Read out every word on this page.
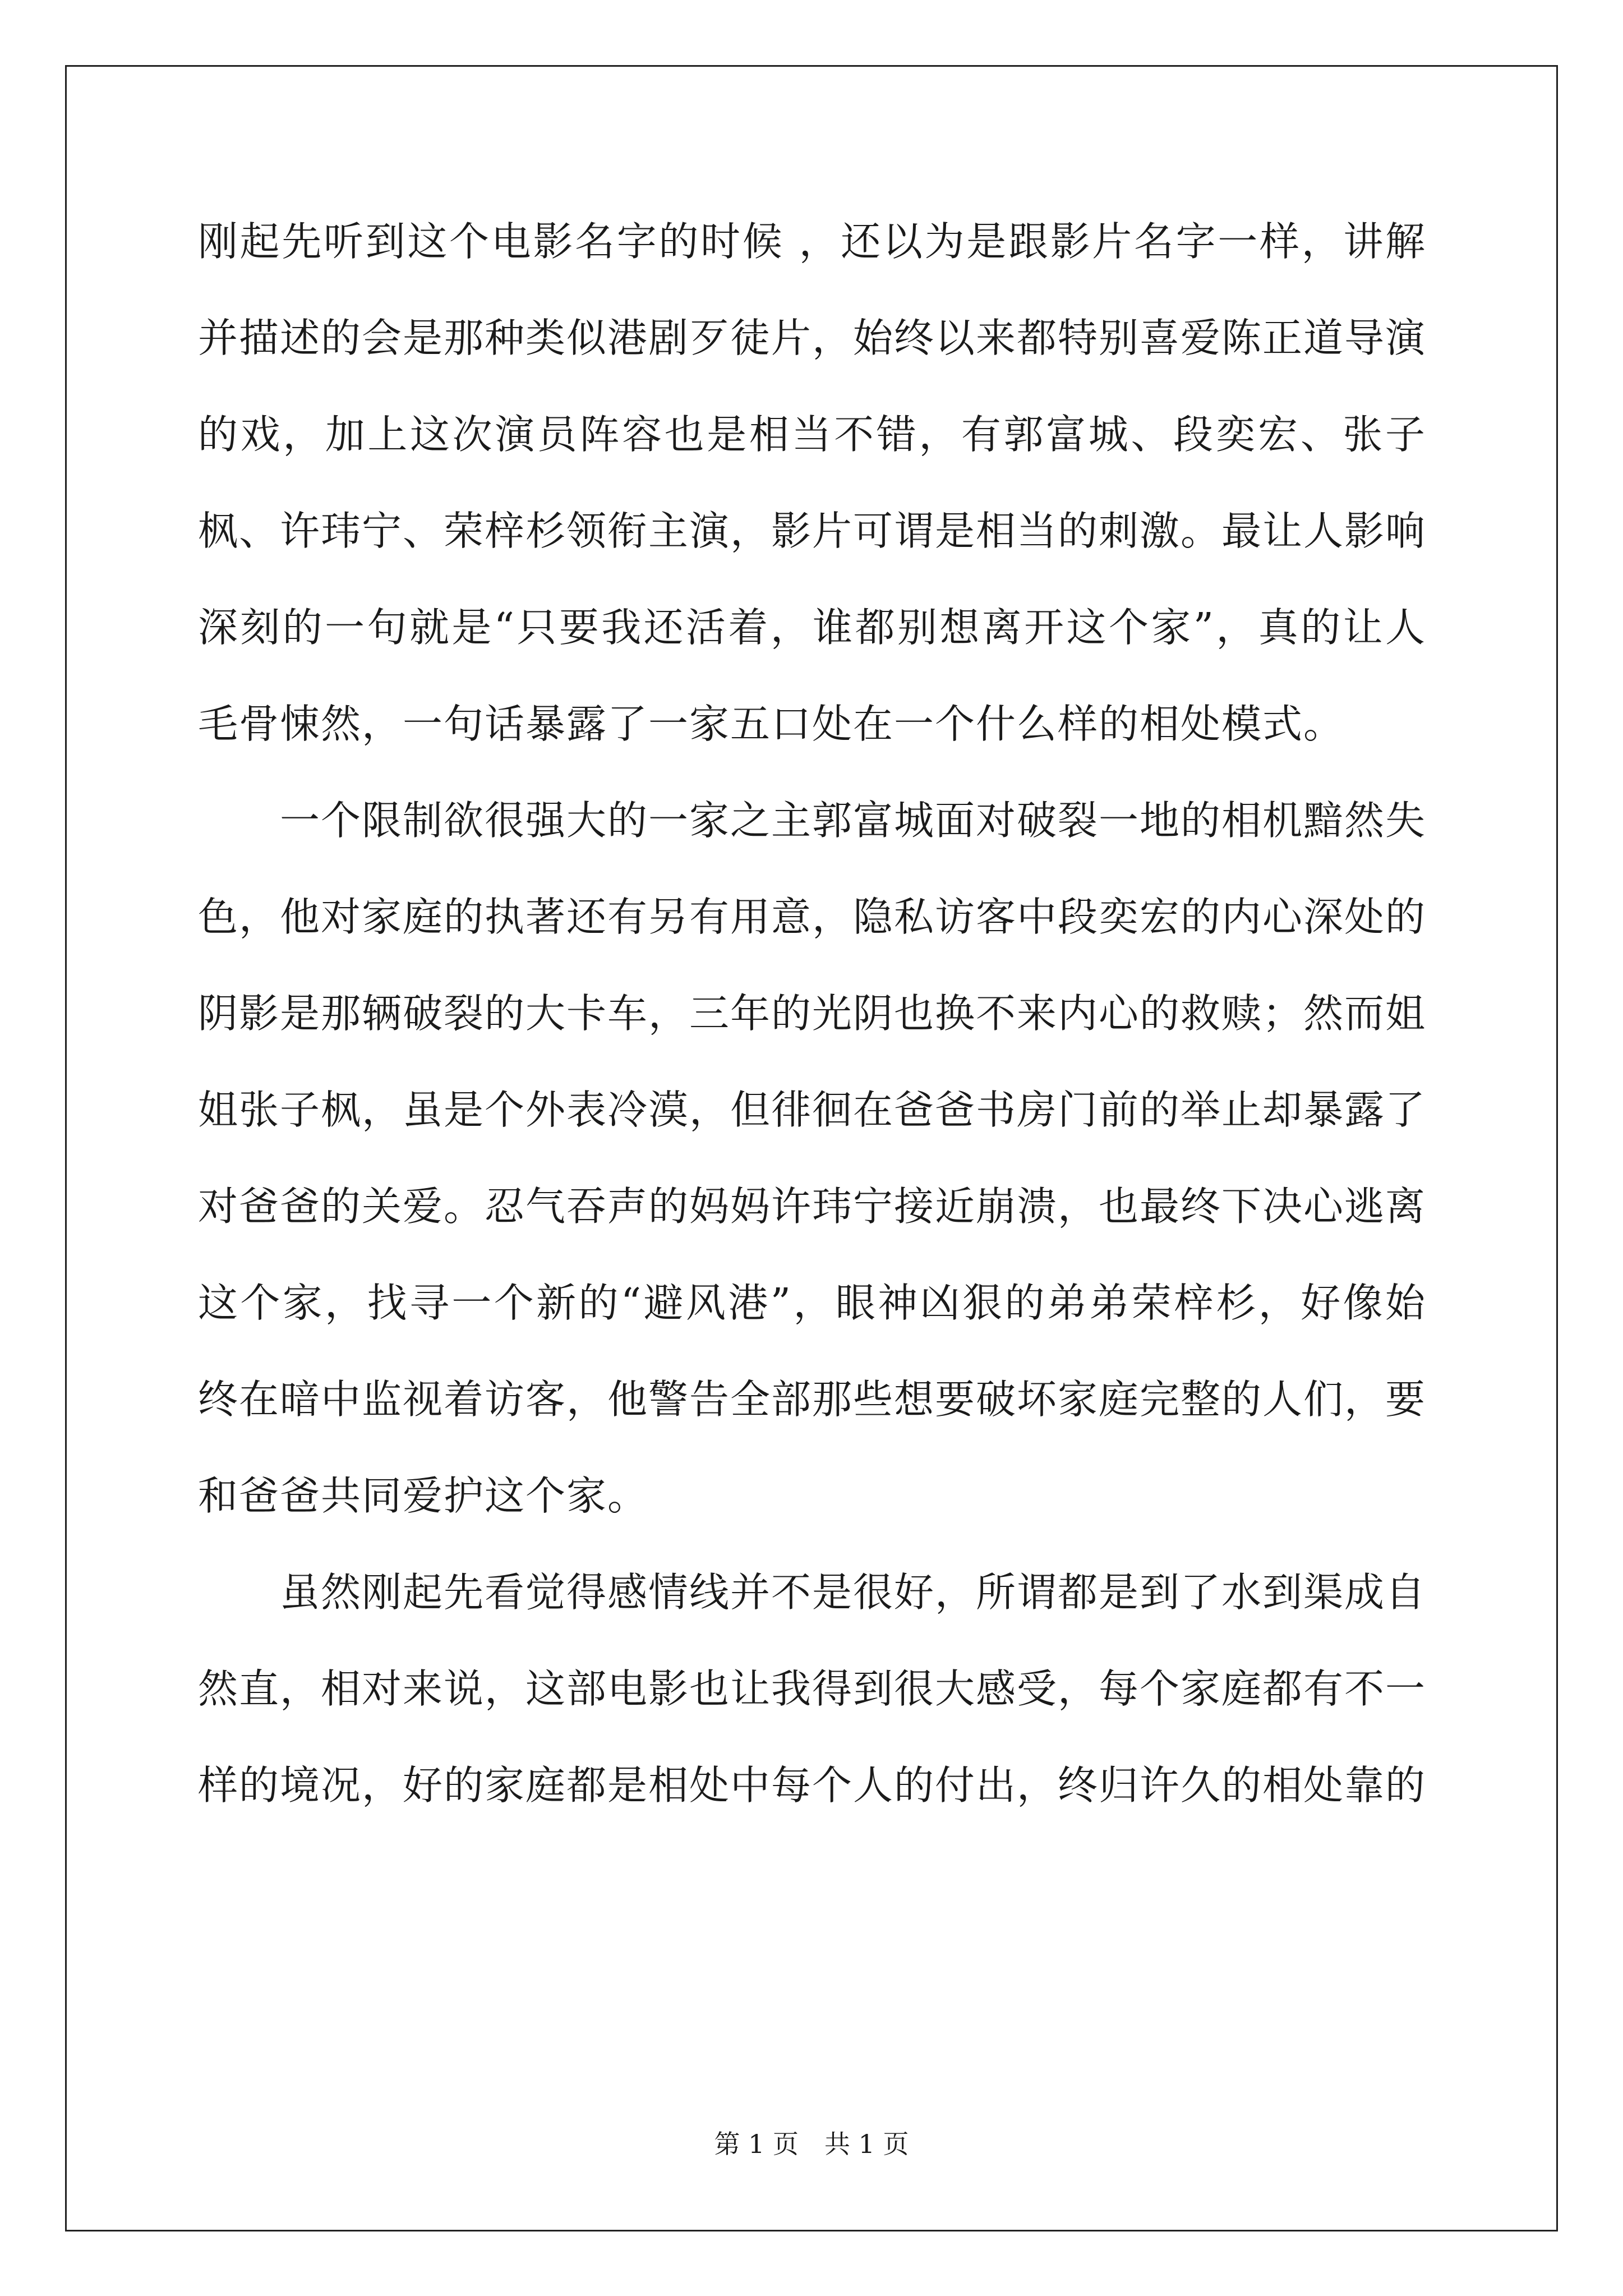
刚起先听到这个电影名字的时候 ，还以为是跟影片名字一样，讲解并描述的会是那种类似港剧歹徒片，始终以来都特别喜爱陈正道导演的戏，加上这次演员阵容也是相当不错，有郭富城、段奕宏、张子枫、许玮宁、荣梓杉领衔主演，影片可谓是相当的刺激。最让人影响深刻的一句就是“只要我还活着，谁都别想离开这个家”，真的让人毛骨悚然，一句话暴露了一家五口处在一个什么样的相处模式。

一个限制欲很强大的一家之主郭富城面对破裂一地的相机黯然失色，他对家庭的执著还有另有用意，隐私访客中段奕宏的内心深处的阴影是那辆破裂的大卡车，三年的光阴也换不来内心的救赎；然而姐姐张子枫，虽是个外表冷漠，但徘徊在爸爸书房门前的举止却暴露了对爸爸的关爱。忍气吞声的妈妈许玮宁接近崩溃，也最终下决心逃离这个家，找寻一个新的“避风港”，眼神凶狠的弟弟荣梓杉，好像始终在暗中监视着访客，他警告全部那些想要破坏家庭完整的人们，要和爸爸共同爱护这个家。

虽然刚起先看觉得感情线并不是很好，所谓都是到了水到渠成自然直，相对来说，这部电影也让我得到很大感受，每个家庭都有不一样的境况，好的家庭都是相处中每个人的付出，终归许久的相处靠的

第 1 页　共 1 页
